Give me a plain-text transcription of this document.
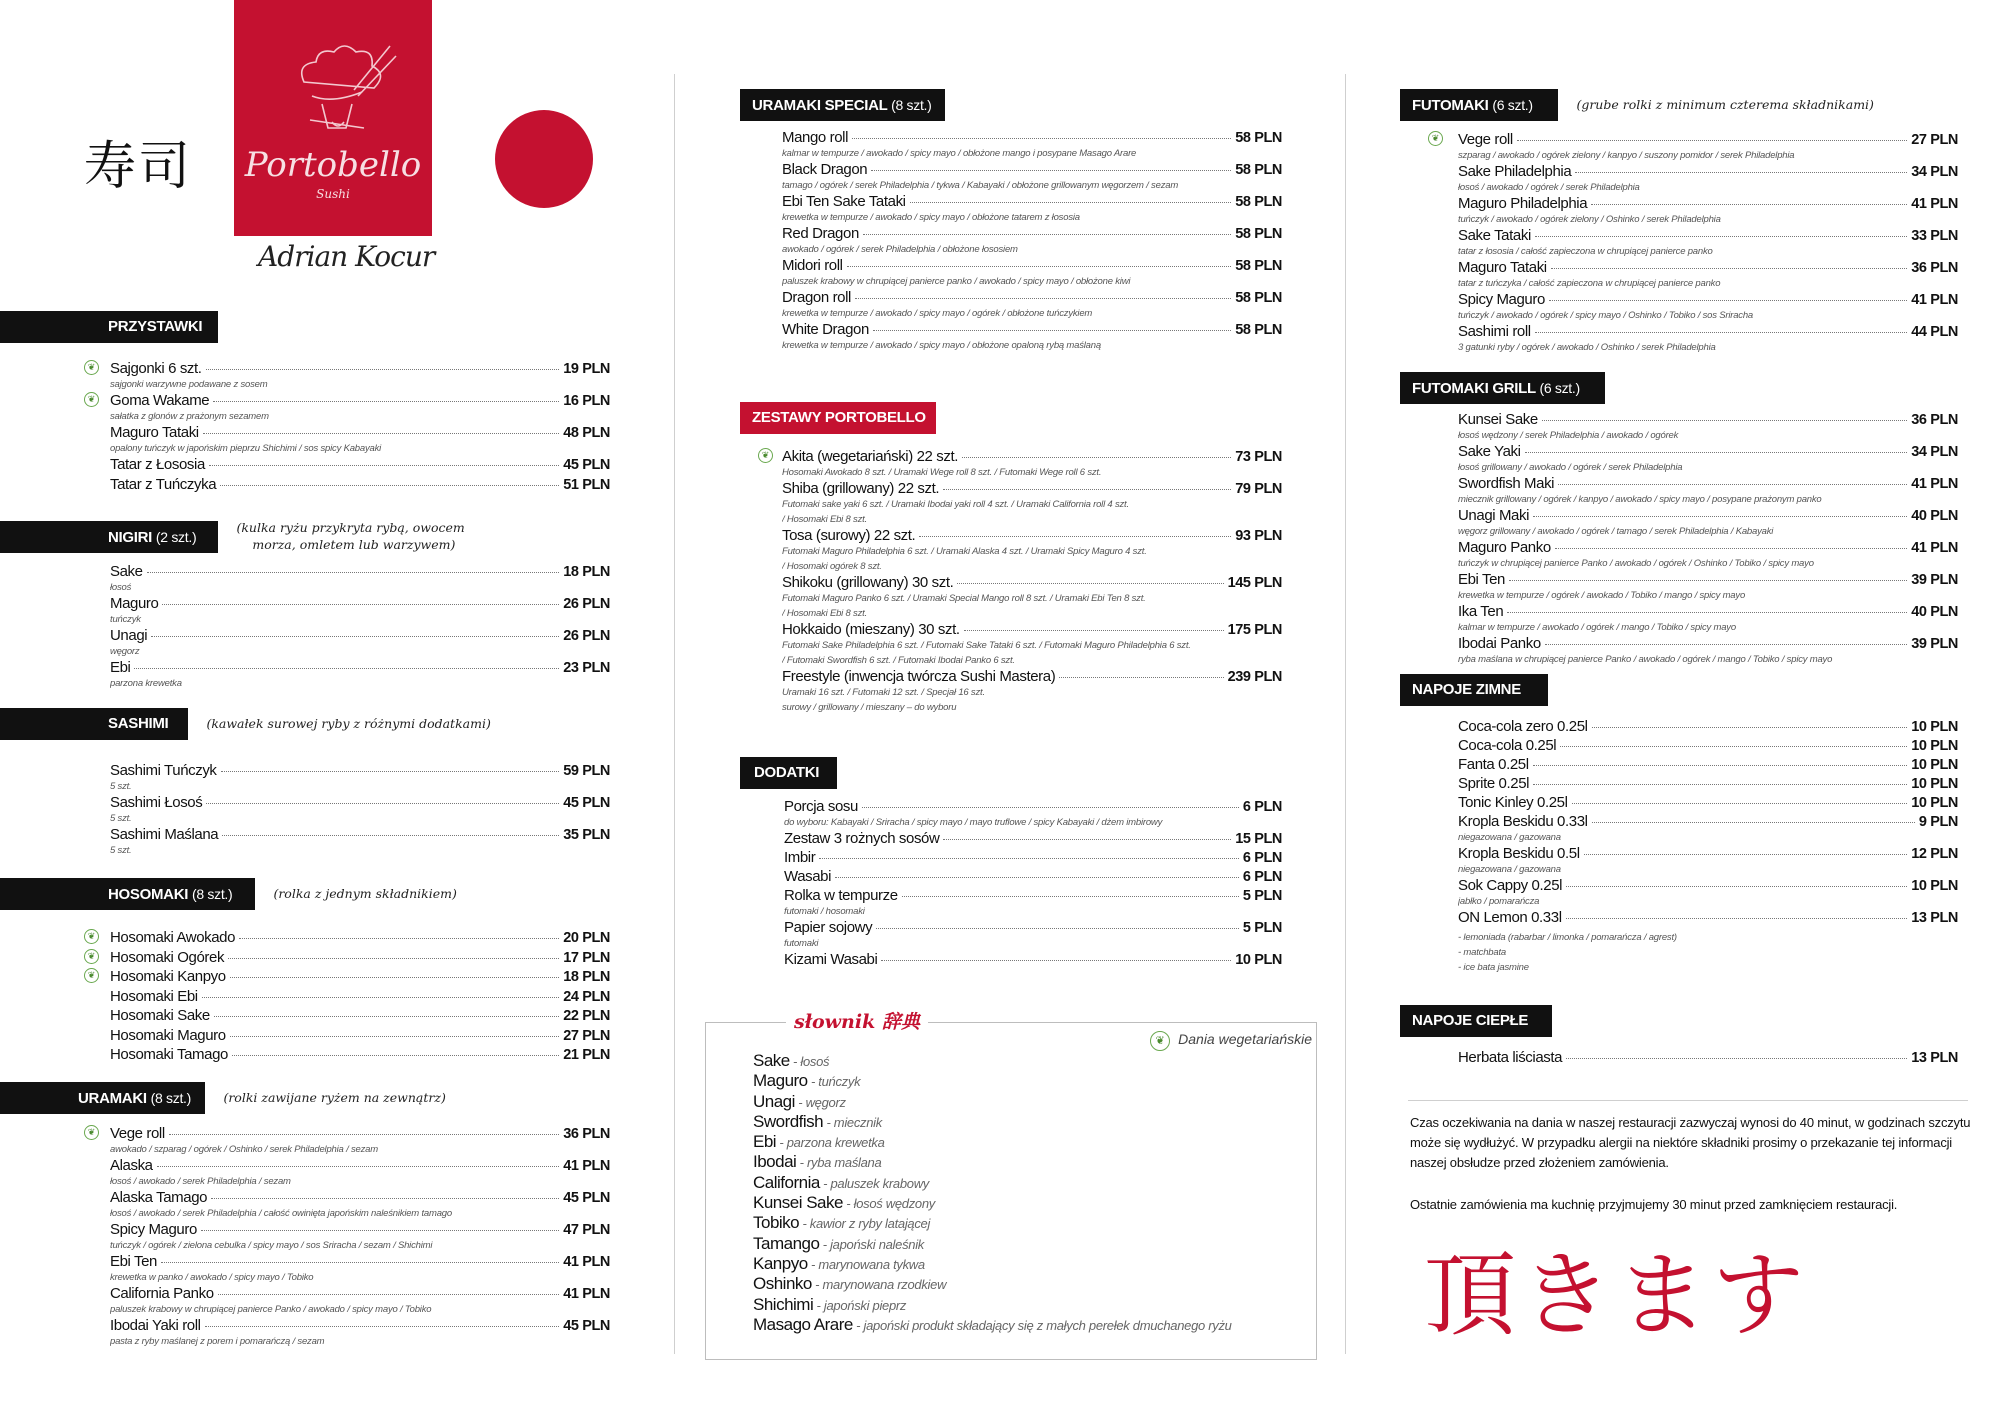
寿司 Portobello
Sushi
Adrian Kocur
PRZYSTAWKI
Sajgonki 6 szt.	19 PLN
sajgonki warzywne podawane z sosem
❦
Goma Wakame	16 PLN
sałatka z glonów z prażonym sezamem
❦
Maguro Tataki	48 PLN
opalony tuńczyk w japońskim pieprzu Shichimi / sos spicy Kabayaki
Tatar z Łososia	45 PLN
Tatar z Tuńczyka	51 PLN
NIGIRI (2 szt.) (kulka ryżu przykryta rybą, owocem
morza, omletem lub warzywem)
Sake	18 PLN
łosoś
Maguro	26 PLN
tuńczyk
Unagi	26 PLN
węgorz
Ebi	23 PLN
parzona krewetka
SASHIMI	(kawałek surowej ryby z różnymi dodatkami)
Sashimi Tuńczyk	59 PLN
5 szt.
Sashimi Łosoś	45 PLN
5 szt.
Sashimi Maślana	35 PLN
5 szt.
HOSOMAKI (8 szt.)	(rolka z jednym składnikiem)
Hosomaki Awokado	20 PLN
❦
Hosomaki Ogórek	17 PLN
❦
Hosomaki Kanpyo	18 PLN
❦
Hosomaki Ebi	24 PLN
Hosomaki Sake	22 PLN
Hosomaki Maguro	27 PLN
Hosomaki Tamago	21 PLN
URAMAKI (8 szt.)	(rolki zawijane ryżem na zewnątrz)
Vege roll	36 PLN
awokado / szparag / ogórek / Oshinko / serek Philadelphia / sezam
❦
Alaska	41 PLN
łosoś / awokado / serek Philadelphia / sezam
Alaska Tamago	45 PLN
łosoś / awokado / serek Philadelphia / całość owinięta japońskim naleśnikiem tamago
Spicy Maguro	47 PLN
tuńczyk / ogórek / zielona cebulka / spicy mayo / sos Sriracha / sezam / Shichimi
Ebi Ten	41 PLN
krewetka w panko / awokado / spicy mayo / Tobiko
California Panko	41 PLN
paluszek krabowy w chrupiącej panierce Panko / awokado / spicy mayo / Tobiko
Ibodai Yaki roll	45 PLN
pasta z ryby maślanej z porem i pomarańczą / sezam
URAMAKI SPECIAL (8 szt.)
Mango roll	58 PLN
kalmar w tempurze / awokado / spicy mayo / obłożone mango i posypane Masago Arare
Black Dragon	58 PLN
tamago / ogórek / serek Philadelphia / tykwa / Kabayaki / obłożone grillowanym węgorzem / sezam
Ebi Ten Sake Tataki	58 PLN
krewetka w tempurze / awokado / spicy mayo / obłożone tatarem z łososia
Red Dragon	58 PLN
awokado / ogórek / serek Philadelphia / obłożone łososiem
Midori roll	58 PLN
paluszek krabowy w chrupiącej panierce panko / awokado / spicy mayo / obłożone kiwi
Dragon roll	58 PLN
krewetka w tempurze / awokado / spicy mayo / ogórek / obłożone tuńczykiem
White Dragon	58 PLN
krewetka w tempurze / awokado / spicy mayo / obłożone opaloną rybą maślaną
ZESTAWY PORTOBELLO
Akita (wegetariański) 22 szt.	73 PLN
Hosomaki Awokado 8 szt. / Uramaki Wege roll 8 szt. / Futomaki Wege roll 6 szt.
❦
Shiba (grillowany) 22 szt.	79 PLN
Futomaki sake yaki 6 szt. / Uramaki Ibodai yaki roll 4 szt. / Uramaki California roll 4 szt.
/ Hosomaki Ebi 8 szt.
Tosa (surowy) 22 szt.	93 PLN
Futomaki Maguro Philadelphia 6 szt. / Uramaki Alaska 4 szt. / Uramaki Spicy Maguro 4 szt.
/ Hosomaki ogórek 8 szt.
Shikoku (grillowany) 30 szt.	145 PLN
Futomaki Maguro Panko 6 szt. / Uramaki Special Mango roll 8 szt. / Uramaki Ebi Ten 8 szt.
/ Hosomaki Ebi 8 szt.
Hokkaido (mieszany) 30 szt.	175 PLN
Futomaki Sake Philadelphia 6 szt. / Futomaki Sake Tataki 6 szt. / Futomaki Maguro Philadelphia 6 szt.
/ Futomaki Swordfish 6 szt. / Futomaki Ibodai Panko 6 szt.
Freestyle (inwencja twórcza Sushi Mastera)	239 PLN
Uramaki 16 szt. / Futomaki 12 szt. / Specjał 16 szt.
surowy / grillowany / mieszany – do wyboru
DODATKI
Porcja sosu	6 PLN
do wyboru: Kabayaki / Sriracha / spicy mayo / mayo truflowe / spicy Kabayaki / dżem imbirowy
Zestaw 3 rożnych sosów	15 PLN
Imbir	6 PLN
Wasabi	6 PLN
Rolka w tempurze	5 PLN
futomaki / hosomaki
Papier sojowy	5 PLN
futomaki
Kizami Wasabi	10 PLN
słownik 辞典
❦ Dania wegetariańskie
Sake - łosoś
Maguro - tuńczyk
Unagi - węgorz
Swordfish - miecznik
Ebi - parzona krewetka
Ibodai - ryba maślana
California - paluszek krabowy
Kunsei Sake - łosoś wędzony
Tobiko - kawior z ryby latającej
Tamango - japoński naleśnik
Kanpyo - marynowana tykwa
Oshinko - marynowana rzodkiew
Shichimi - japoński pieprz
Masago Arare - japoński produkt składający się z małych perełek dmuchanego ryżu
FUTOMAKI (6 szt.)	(grube rolki z minimum czterema składnikami)
Vege roll	27 PLN
szparag / awokado / ogórek zielony / kanpyo / suszony pomidor / serek Philadelphia
❦
Sake Philadelphia	34 PLN
łosoś / awokado / ogórek / serek Philadelphia
Maguro Philadelphia	41 PLN
tuńczyk / awokado / ogórek zielony / Oshinko / serek Philadelphia
Sake Tataki	33 PLN
tatar z łososia / całość zapieczona w chrupiącej panierce panko
Maguro Tataki	36 PLN
tatar z tuńczyka / całość zapieczona w chrupiącej panierce panko
Spicy Maguro	41 PLN
tuńczyk / awokado / ogórek / spicy mayo / Oshinko / Tobiko / sos Sriracha
Sashimi roll	44 PLN
3 gatunki ryby / ogórek / awokado / Oshinko / serek Philadelphia
FUTOMAKI GRILL (6 szt.)
Kunsei Sake	36 PLN
łosoś wędzony / serek Philadelphia / awokado / ogórek
Sake Yaki	34 PLN
łosoś grillowany / awokado / ogórek / serek Philadelphia
Swordfish Maki	41 PLN
miecznik grillowany / ogórek / kanpyo / awokado / spicy mayo / posypane prażonym panko
Unagi Maki	40 PLN
węgorz grillowany / awokado / ogórek / tamago / serek Philadelphia / Kabayaki
Maguro Panko	41 PLN
tuńczyk w chrupiącej panierce Panko / awokado / ogórek / Oshinko / Tobiko / spicy mayo
Ebi Ten	39 PLN
krewetka w tempurze / ogórek / awokado / Tobiko / mango / spicy mayo
Ika Ten	40 PLN
kalmar w tempurze / awokado / ogórek / mango / Tobiko / spicy mayo
Ibodai Panko	39 PLN
ryba maślana w chrupiącej panierce Panko / awokado / ogórek / mango / Tobiko / spicy mayo
NAPOJE ZIMNE
Coca-cola zero 0.25l	10 PLN
Coca-cola 0.25l	10 PLN
Fanta 0.25l	10 PLN
Sprite 0.25l	10 PLN
Tonic Kinley 0.25l	10 PLN
Kropla Beskidu 0.33l	9 PLN
niegazowana / gazowana
Kropla Beskidu 0.5l	12 PLN
niegazowana / gazowana
Sok Cappy 0.25l	10 PLN
jabłko / pomarańcza
ON Lemon 0.33l	13 PLN
- lemoniada (rabarbar / limonka / pomarańcza / agrest)
- matchbata
- ice bata jasmine
NAPOJE CIEPŁE
Herbata liściasta	13 PLN
Czas oczekiwania na dania w naszej restauracji zazwyczaj wynosi do 40 minut, w godzinach szczytu może się wydłużyć. W przypadku alergii na niektóre składniki prosimy o przekazanie tej informacji naszej obsłudze przed złożeniem zamówienia.
Ostatnie zamówienia ma kuchnię przyjmujemy 30 minut przed zamknięciem restauracji.
頂きます
